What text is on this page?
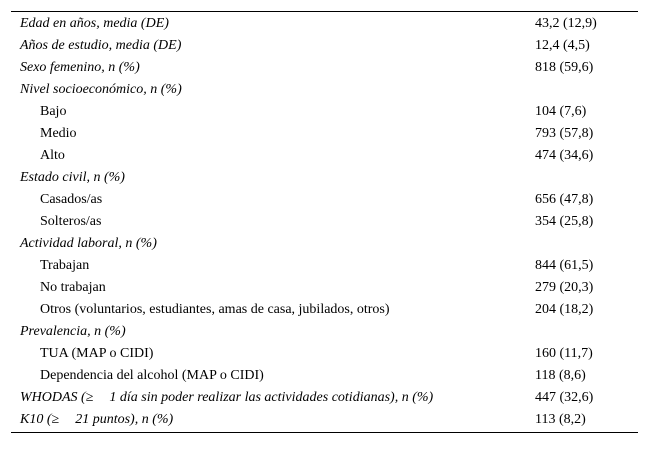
Edad en años, media (DE)	43,2 (12,9)
Años de estudio, media (DE)	12,4 (4,5)
Sexo femenino, n (%)	818 (59,6)
Nivel socioeconómico, n (%)	
Bajo	104 (7,6)
Medio	793 (57,8)
Alto	474 (34,6)
Estado civil, n (%)	
Casados/as	656 (47,8)
Solteros/as	354 (25,8)
Actividad laboral, n (%)	
Trabajan	844 (61,5)
No trabajan	279 (20,3)
Otros (voluntarios, estudiantes, amas de casa, jubilados, otros)	204 (18,2)
Prevalencia, n (%)	
TUA (MAP o CIDI)	160 (11,7)
Dependencia del alcohol (MAP o CIDI)	118 (8,6)
WHODAS (≥ 1 día sin poder realizar las actividades cotidianas), n (%)	447 (32,6)
K10 (≥ 21 puntos), n (%)	113 (8,2)
